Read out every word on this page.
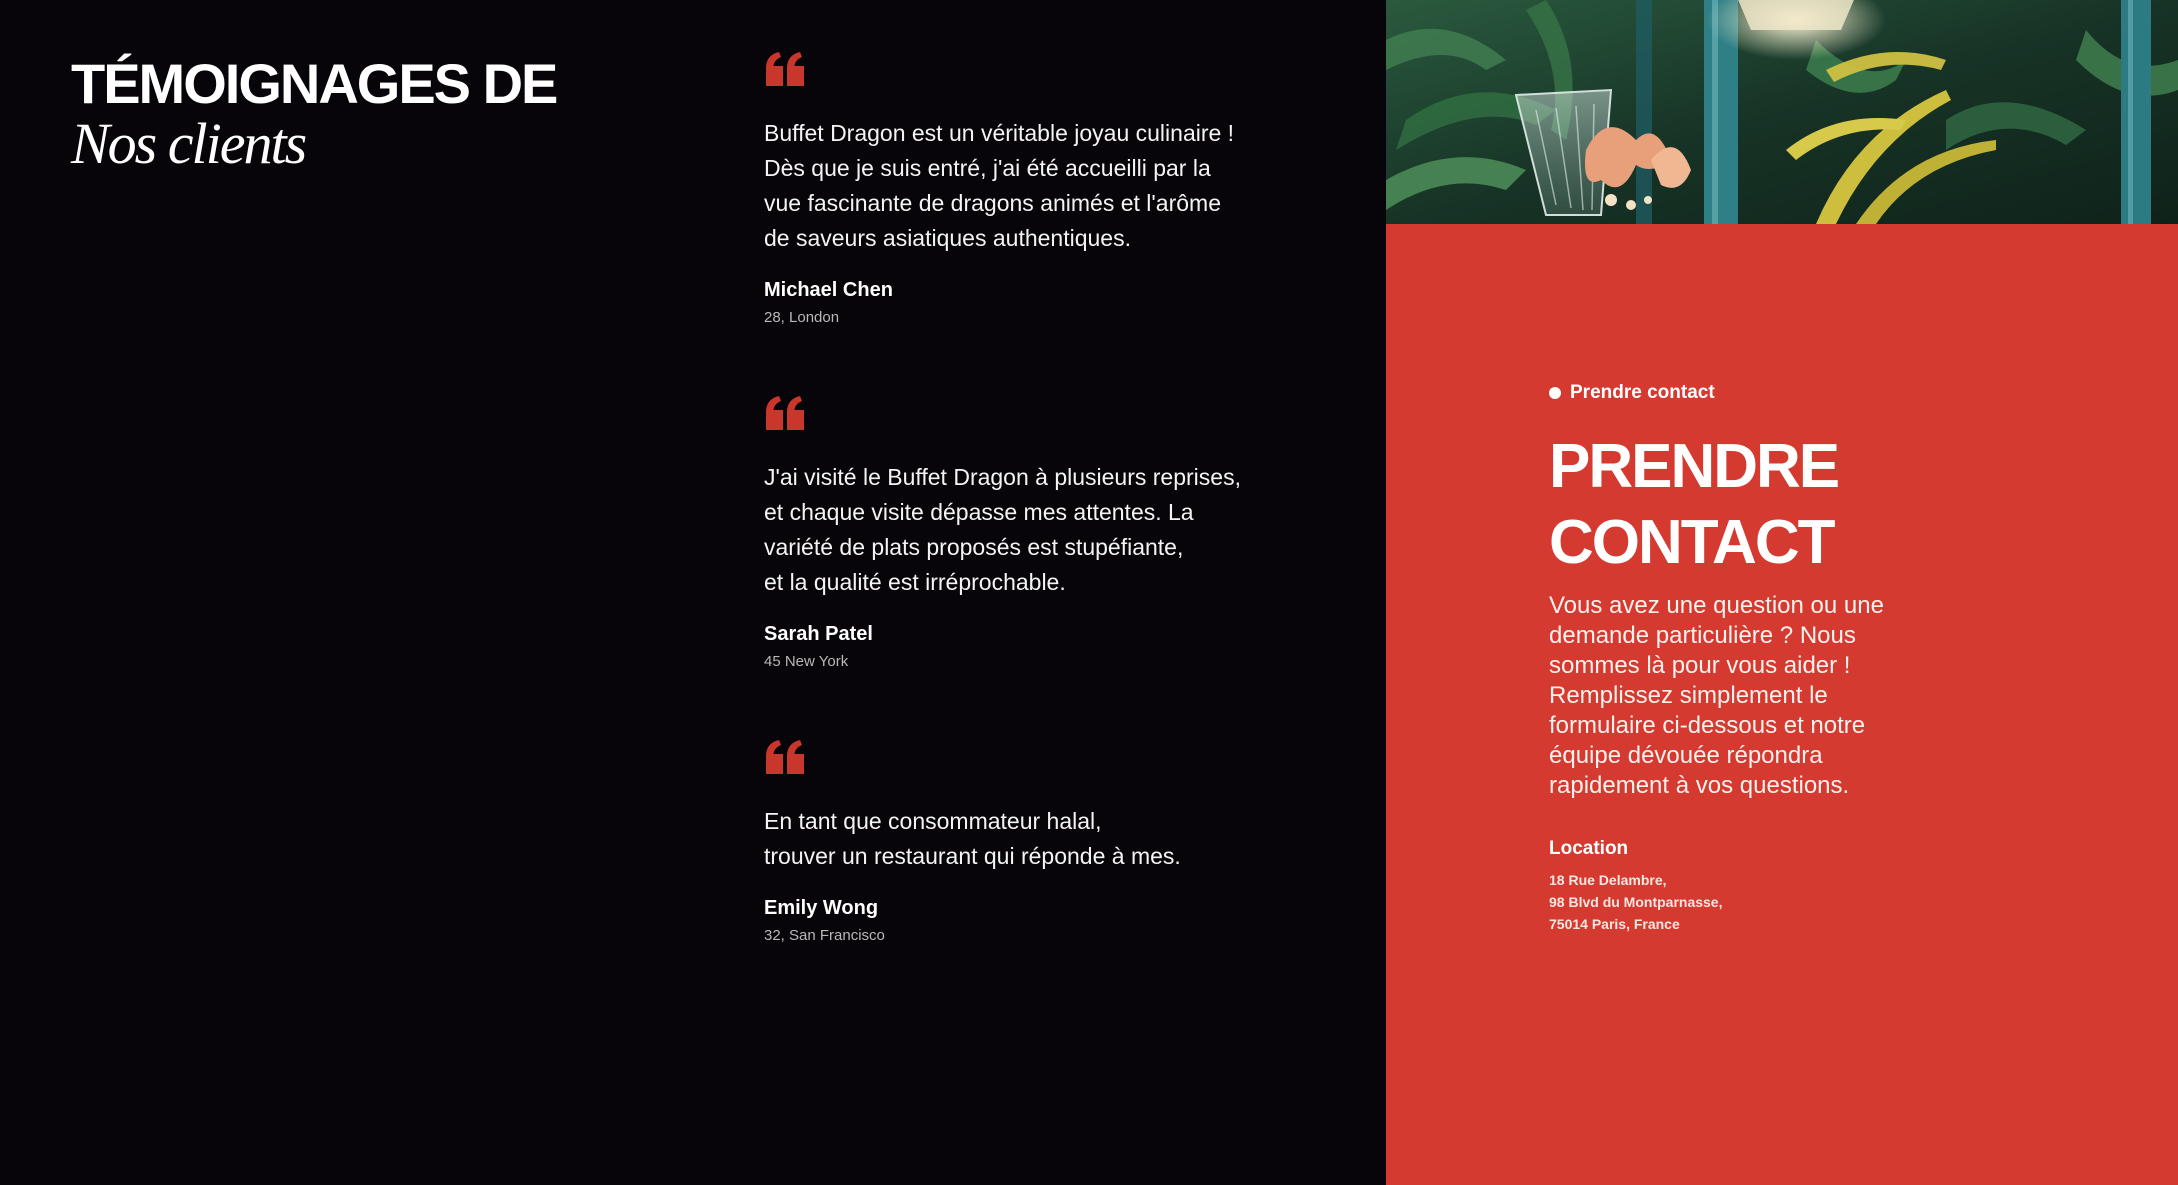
TÉMOIGNAGES DE
Nos clients	Buffet Dragon est un véritable joyau culinaire !
Dès que je suis entré, j'ai été accueilli par la
vue fascinante de dragons animés et l'arôme
de saveurs asiatiques authentiques.

Michael Chen
28, London

J'ai visité le Buffet Dragon à plusieurs reprises,
et chaque visite dépasse mes attentes. La
variété de plats proposés est stupéfiante,
et la qualité est irréprochable.

Sarah Patel
45 New York

En tant que consommateur halal,
trouver un restaurant qui réponde à mes.

Emily Wong
32, San Francisco
Prendre contact
PRENDRE
CONTACT

Vous avez une question ou une
demande particulière ? Nous
sommes là pour vous aider !
Remplissez simplement le
formulaire ci-dessous et notre
équipe dévouée répondra
rapidement à vos questions.

Location
18 Rue Delambre,
98 Blvd du Montparnasse,
75014 Paris, France
